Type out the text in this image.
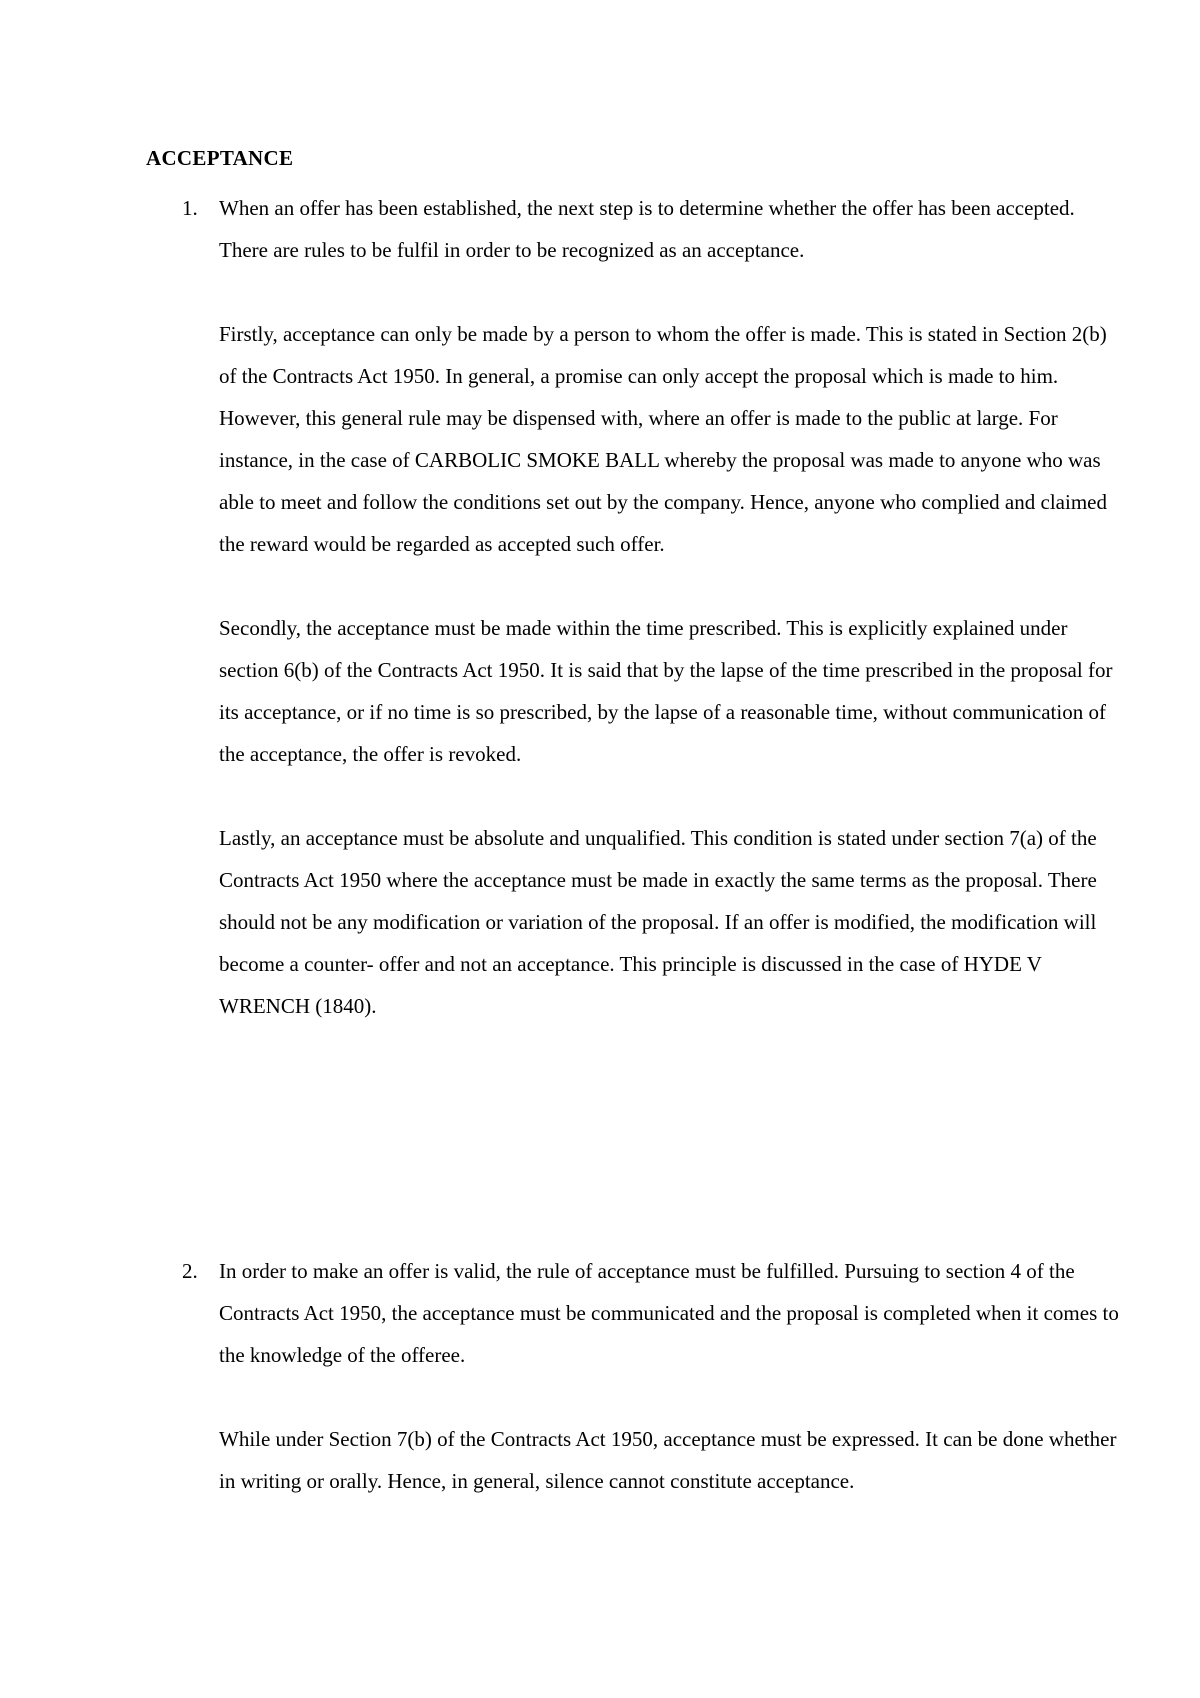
ACCEPTANCE
1. When an offer has been established, the next step is to determine whether the offer has been accepted. There are rules to be fulfil in order to be recognized as an acceptance.

Firstly, acceptance can only be made by a person to whom the offer is made. This is stated in Section 2(b) of the Contracts Act 1950. In general, a promise can only accept the proposal which is made to him. However, this general rule may be dispensed with, where an offer is made to the public at large. For instance, in the case of CARBOLIC SMOKE BALL whereby the proposal was made to anyone who was able to meet and follow the conditions set out by the company. Hence, anyone who complied and claimed the reward would be regarded as accepted such offer.

Secondly, the acceptance must be made within the time prescribed. This is explicitly explained under section 6(b) of the Contracts Act 1950. It is said that by the lapse of the time prescribed in the proposal for its acceptance, or if no time is so prescribed, by the lapse of a reasonable time, without communication of the acceptance, the offer is revoked.

Lastly, an acceptance must be absolute and unqualified. This condition is stated under section 7(a) of the Contracts Act 1950 where the acceptance must be made in exactly the same terms as the proposal. There should not be any modification or variation of the proposal. If an offer is modified, the modification will become a counter- offer and not an acceptance. This principle is discussed in the case of HYDE V WRENCH (1840).

2. In order to make an offer is valid, the rule of acceptance must be fulfilled. Pursuing to section 4 of the Contracts Act 1950, the acceptance must be communicated and the proposal is completed when it comes to the knowledge of the offeree.

While under Section 7(b) of the Contracts Act 1950, acceptance must be expressed. It can be done whether in writing or orally. Hence, in general, silence cannot constitute acceptance.
